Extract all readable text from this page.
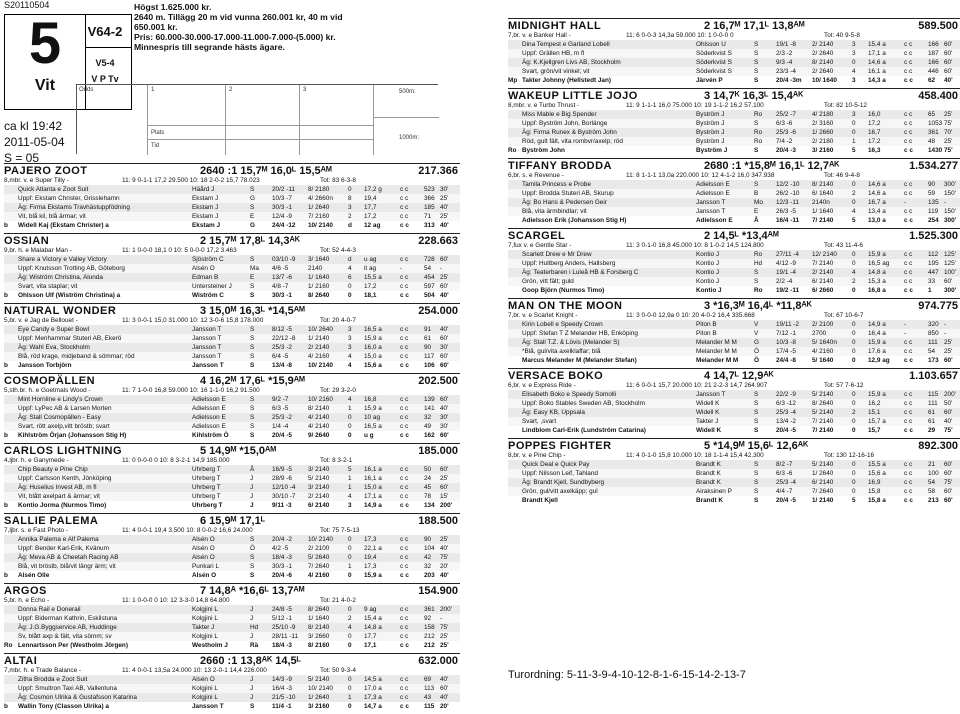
S2011050​4
5
Vit
V64-2
V5-4
V P Tv
ca kl 19:42
2011-05-04
S = 05
Högst 1.625.000 kr.
2640 m. Tillägg 20 m vid vunna 260.001 kr, 40 m vid
650.001 kr.
Pris: 60.000-30.000-17.000-11.000-7.000-(5.000) kr.
Minnespris till segrande hästs ägare.
Odds	1	2	3
Plats
Tid
500m:
1000m:
PAJERO ZOOT	2640 :1 15,7ᴹ 16,0ᴸ 15,5ᴬᴹ	217.366
8,mbr. v. e Super Tilly -	11: 9 0-1-1 17,2 29.500 10: 18 2-0-2 15,7 78.023	Tot: 83 6-3-8
Quick Atlanta e Zoot Suit	Häård J	S	20/2 -11 8/ 2180	0 17,2 g	c c 523 30'
Uppf: Ekstam Christer, Grisslehamn	Ekstam J	G	10/3 -7	4/ 2660n 8 19,4	c c 366 25'
Äg: Firma Ekstams Travhästuppfödning	Ekstam J	S	30/3 -1	1/ 2640	3 17,7	c c 185 40'
Vit, blå kil, blå ärmar; vit	Ekstam J	E	12/4 -9	7/ 2160	2 17,2	c c 71 25'
b	Widell Kaj (Ekstam Christer) a	Ekstam J	G	24/4 -12 10/ 2140 d 12 ag	c c 313 40'
OSSIAN	2 15,7ᴹ 17,8ᴸ 14,3ᴬᴷ	228.663
9,br. h. e Malabar Man -	11: 1 0-0-0 18,1 0 10: 5 0-0-0 17,2 3.463	Tot: 52 4-4-3
Share a Victory e Valley Victory	Sjöström C	S	03/10 -9 3/ 1640	d u ag	c c 728 60'
Uppf: Knutsson Trotting AB, Göteborg	Alsén O	Ma 4/6 -5	2140	4 it ag	-	54 -
Äg: Wiström Christina, Alunda	Edman B	E	13/7 -6	1/ 1640	6 15,5 a	c c 454 25'
Svart, vita staplar; vit	Untersteiner J	S	4/8 -7	1/ 2160	0 17,2	c c 597 60'
b	Ohlsson Ulf (Wiström Christina) a	Wiström C	S	30/3 -1	8/ 2640	0 18,1	c c 504 40'
NATURAL WONDER	3 15,0ᴹ 16,3ᴸ *14,5ᴬᴹ	254.000
5,br. v. e Jag de Bellouet -	11: 3 0-0-1 15,0 31.000 10: 12 3-0-6 15,8 178.000	Tot: 20 4-0-7
Eye Candy e Super Bowl	Jansson T	S	8/12 -5	10/ 2640 3 16,5 a	c c 91 40'
Uppf: Menhammar Stuteri AB, Ekerö	Jansson T	S	22/12 -8 1/ 2140	3 15,9 a	c c 61 60'
Äg: Wahl Eva, Stockholm	Jansson T	S	25/3 -2	2/ 2140	3 16,0 a	c c 90 30'
Blå, röd krage, midjeband & sömmar; röd	Jansson T	S	6/4 -5	4/ 2160	4 15,0 a	c c 117 60'
b	Jansson Torbjörn	Jansson T	S	13/4 -8	10/ 2140 4 15,6 a	c c 106 60'
COSMOPÄLLEN	4 16,2ᴹ 17,6ᴸ *15,9ᴬᴹ	202.500
5,sth.br. h. e Goetmals Wood -	11: 7 1-0-0 16,8 59.000 10: 16 1-1-0 16,2 91.500	Tot: 29 3-2-0
Mint Hornline e Lindy's Crown	Adielsson E	S	9/2 -7	10/ 2160 4 16,8	c c 139 60'
Uppf: LyPec AB & Larsen Morten	Adielsson E	S	6/3 -5	8/ 2140	1 15,9 a	c c 141 40'
Äg: Stall Cosmopällen - Easy	Adielsson E	S	25/3 -2	4/ 2140	0 10 ag	c c 32 30'
Svart, rött axelp,vitt bröstb; svart	Adielsson E	S	1/4 -4	4/ 2140	0 16,5 a	c c 49 30'
b	Kihlström Örjan (Johansson Stig H)	Kihlström Ö	S	20/4 -5	9/ 2640	0 u g	c c 162 60'
CARLOS LIGHTNING	5 14,9ᴹ *15,0ᴬᴹ	185.000
4,ljbr. h. e Ganymede -	11: 0 0-0-0 0 10: 8 3-2-1 14,9 185.000	Tot: 8 3-2-1
Chip Beauty e Pine Chip	Uhrberg T	Å	16/9 -5	3/ 2140	5 16,1 a	c c 50 60'
Uppf: Carlsson Kenth, Jönköping	Uhrberg T	J	28/9 -6	5/ 2140	1 16,1 a	c c 24 25'
Äg: Huselius Invest AB, m fl	Uhrberg T	J	12/10 -4 3/ 2140	1 15,0 a	c c 45 60'
Vit, blått axelpart & ärmar; vit	Uhrberg T	J	30/10 -7 2/ 2140	4 17,1 a	c c 78 15'
b	Kontio Jorma (Nurmos Timo)	Uhrberg T	J	9/11 -3	6/ 2140	3 14,9 a	c c 134 200'
SALLIE PALEMA	6 15,9ᴹ 17,1ᴸ	188.500
7,ljbr. s. e Fast Photo -	11: 4 0-0-1 19,4 3.500 10: 8 0-0-2 16,6 24.000	Tot: 75 7-5-13
Annika Palema e Alf Palema	Alsén O	S	20/4 -2	10/ 2140 0 17,3	c c 90 25'
Uppf: Bender Karl-Erik, Kvänum	Alsén O	Ö	4/2 -5	2/ 2100	0 22,1 a	c c 104 40'
Äg: Meva AB & Cheetah Racing AB	Alsén O	S	18/4 -3	5/ 2640	0 19,4	c c 42 75'
Blå, vit bröstb, blå/vit längr ärm; vit	Punkari L	S	30/3 -1	7/ 2640	1 17,3	c c 32 20'
b	Alsén Olle	Alsén O	S	20/4 -6	4/ 2160	0 15,9 a	c c 203 40'
ARGOS	7 14,8ᴬ *16,6ᴸ 13,7ᴬᴹ	154.900
5,br. h. e Echo -	11: 1 0-0-0 0 10: 12 3-3-0 14,8 64.800	Tot: 21 4-0-2
Donna Rail e Donerail	Kolgjini L	J	24/8 -5	8/ 2640	0 9 ag	c c 361 200'
Uppf: Biderman Kathrin, Eskilstuna	Kolgjini L	J	5/12 -1	1/ 1640	2 15,4 a	c c 92 -
Äg: J.G.Byggservice AB, Huddinge	Takter J	Hd 25/10 -9 8/ 2140	4 14,8 a	c c 158 75'
Sv, blått axp & fält, vita sömm; sv	Kolgjini L	J	28/11 -11 3/ 2660	0 17,7	c c 212 25'
Ro Lennartsson Per (Westholm Jörgen)	Westholm J	Rä 18/4 -3	8/ 2160	0 17,1	c c 212 25'
ALTAI	2660 :1 13,8ᴬᴷ 14,5ᴸ	632.000
7,mbr. h. e Trade Balance -	11: 4 0-0-1 13,5a 24.000 10: 13 2-0-1 14,4 226.000	Tot: 50 9-3-4
Zitha Brodda e Zoot Suit	Alsén O	J	14/3 -9	5/ 2140	0 14,5 a	c c 69 40'
Uppf: Smultron Taxi AB, Vallentuna	Kolgjini L	J	16/4 -3	10/ 2140 0 17,0 a	c c 113 60'
Äg: Cosmon Ulrika & Gustafsson Katarina	Kolgjini L	J	21/5 -10 1/ 2640	1 17,3 a	c c 43 40'
b	Wallin Tony (Classon Ulrika) a	Jansson T	S	11/4 -1	3/ 2160	0 14,7 a	c c 115 20'
MIDNIGHT HALL	2 16,7ᴹ 17,1ᴸ 13,8ᴬᴹ	589.500
7,br. v. e Banker Hall -	11: 6 0-0-3 14,3a 59.000 10: 1 0-0-0 0	Tot: 40 9-5-8
Dina Tempest e Garland Lobell	Ohlsson U	S	19/1 -8	2/ 2140	3 15,4 a	c c 166 60'
Uppf: Grällen HB, m fl	Söderkvist S	S	2/3 -2	2/ 2640	3 17,1 a	c c 187 60'
Äg: K.Kjellgren Livs AB, Stockholm	Söderkvist S	S	9/3 -4	8/ 2140	0 14,6 a	c c 166 60'
Svart, grön/vit vinkel; vit	Söderkvist S	S	23/3 -4	2/ 2640	4 16,1 a	c c 446 60'
Mp Takter Johnny (Hellstedt Jan)	Järvén P	S	20/4 -3m 10/ 1640 3 14,3 a	c c 62 40'
WAKEUP LITTLE JOJO	3 14,7ᴷ 16,3ᴸ 15,4ᴬᴷ	458.400
8,mbr. v. e Turbo Thrust -	11: 9 1-1-1 16,0 75.000 10: 19 1-1-2 16,2 57.100	Tot: 82 10-5-12
Miss Mable e Big Spender	Byström J	Ro 25/2 -7	4/ 2180	3 16,0	c c 65 25'
Uppf: Byström John, Borlänge	Byström J	S	6/3 -6	2/ 3160	0 17,2	c c 1053 75'
Äg: Firma Runex & Byström John	Byström J	Ro 25/3 -6	1/ 2660	0 16,7	c c 361 70'
Röd, gult fält, vita rombvr/axelp; röd	Byström J	Ro 7/4 -2	2/ 2180	1 17,2	c c 48 25'
Ro Byström John	Byström J	S	20/4 -3	3/ 2160	5 16,3	c c 1430 75'
TIFFANY BRODDA	2680 :1 *15,8ᴹ 16,1ᴸ 12,7ᴬᴷ	1.534.277
6,br. s. e Revenue -	11: 8 1-1-1 13,0a 220.000 10: 12 4-1-2 16,0 347.938	Tot: 46 9-4-8
Tamila Princess e Probe	Adielsson E	S	12/2 -10 8/ 2140	0 14,6 a	c c 90 300'
Uppf: Brodda Stuteri AB, Skurup	Adielsson E	B	26/2 -10 6/ 1640	2 14,6 a	c c 59 150'
Äg: Bo Hans & Pedersen Geir	Jansson T	Mo 12/3 -11 2140n	0 16,7 a	-	135 -
Blå, vita ärmbindlar; vit	Jansson T	E	26/3 -5	1/ 1640	4 13,4 a	c c 119 150'
Adielsson Erik (Johansson Stig H)	Adielsson E	Å	16/4 -11 7/ 2140	5 13,0 a	c c 254 300'
SCARGEL	2 14,5ᴸ *13,4ᴬᴹ	1.525.300
7,fux v. e Gentle Star -	11: 3 0-1-0 16,8 45.000 10: 8 1-0-2 14,5 124.800	Tot: 43 11-4-6
Scarlett Drew e Mr Drew	Kontio J	Ro 27/11 -4 12/ 2140 0 15,9 a	c c 112 125'
Uppf: Hultberg Anders, Hallsberg	Kontio J	Hd 4/12 -9	7/ 2140	0 16,5 ag c c 195 125'
Äg: Teaterbaren i Luleå HB & Forsberg C	Kontio J	S	19/1 -4	2/ 2140	4 14,8 a	c c 447 100'
Grön, vitt fält; guld	Kontio J	S	2/2 -4	6/ 2140	2 15,3 a	c c 33 60'
Goop Björn (Nurmos Timo)	Kontio J	Ro 19/2 -11 6/ 2660	0 16,8 a	c c 1 300'
MAN ON THE MOON	3 *16,3ᴹ 16,4ᴸ *11,8ᴬᴷ	974.775
7,br. v. e Scarlet Knight -	11: 3 0-0-0 12,9a 0 10: 20 4-0-2 16,4 335.668	Tot: 67 10-6-7
Kirin Lobell e Speedy Crown	Piton B	V	19/11 -2 2/ 2100	0 14,9 a	-	320 -
Uppf: Stefan T Z Melander HB, Enköping	Piton B	V	7/12 -1	2700	0 16,4 a	-	850 -
Äg: Stall T.Z. & Lövis (Melander S)	Melander M M	G	10/3 -8	5/ 1640n 0 15,9 a	c c 111 25'
*Blå, gul/vita axelklaffar; blå	Melander M M	Ö	17/4 -5	4/ 2160	0 17,6 a	c c 54 25'
Marcus Melander M (Melander Stefan)	Melander M M Ö	24/4 -8	5/ 1640	0 12,9 ag c c 173 60'
VERSACE BOKO	4 14,7ᴸ 12,9ᴬᴷ	1.103.657
6,br. v. e Express Ride -	11: 6 0-0-1 15,7 20.000 10: 21 2-2-3 14,7 264.907	Tot: 57 7-6-12
Elisabeth Boko e Speedy Somolli	Jansson T	S	22/2 -9	5/ 2140	0 15,9 a	c c 115 200'
Uppf: Boko Stables Sweden AB, Stockholm	Widell K	S	6/3 -12	8/ 2640	0 16,2	c c 111 50'
Äg: Easy KB, Uppsala	Widell K	S	25/3 -4	5/ 2140	2 15,1	c c 61 60'
Svart, ,svart	Takter J	S	13/4 -2	7/ 2140	0 15,7 a	c c 61 40'
Lindblom Carl-Erik (Lundström Catarina)	Widell K	S	20/4 -5	7/ 2140	0 15,7	c c 29 75'
POPPES FIGHTER	5 *14,9ᴹ 15,6ᴸ 12,6ᴬᴷ	892.300
8,br. v. e Pine Chip -	11: 4 0-1-0 15,8 10.000 10: 18 1-1-4 15,4 42.300	Tot: 130 12-16-16
Quick Deal e Quick Pay	Brandt K	S	8/2 -7	5/ 2140	0 15,5 a	c c 21 60'
Uppf: Nilsson Leif, Tahland	Brandt K	S	6/3 -6	1/ 2640	0 15,6 a	c c 100 60'
Äg: Brandt Kjell, Sundbyberg	Brandt K	S	25/3 -4	6/ 2140	0 16,9	c c 54 75'
Grön, gul/vitt axelkäpp; gul	Airaksinen P	S	4/4 -7	7/ 2640	0 15,8	c c 58 60'
Brandt Kjell	Brandt K	S	20/4 -5	1/ 2140	5 15,8 a	c c 213 60'
Turordning: 5-11-3-9-4-10-12-8-1-6-15-14-2-13-7
